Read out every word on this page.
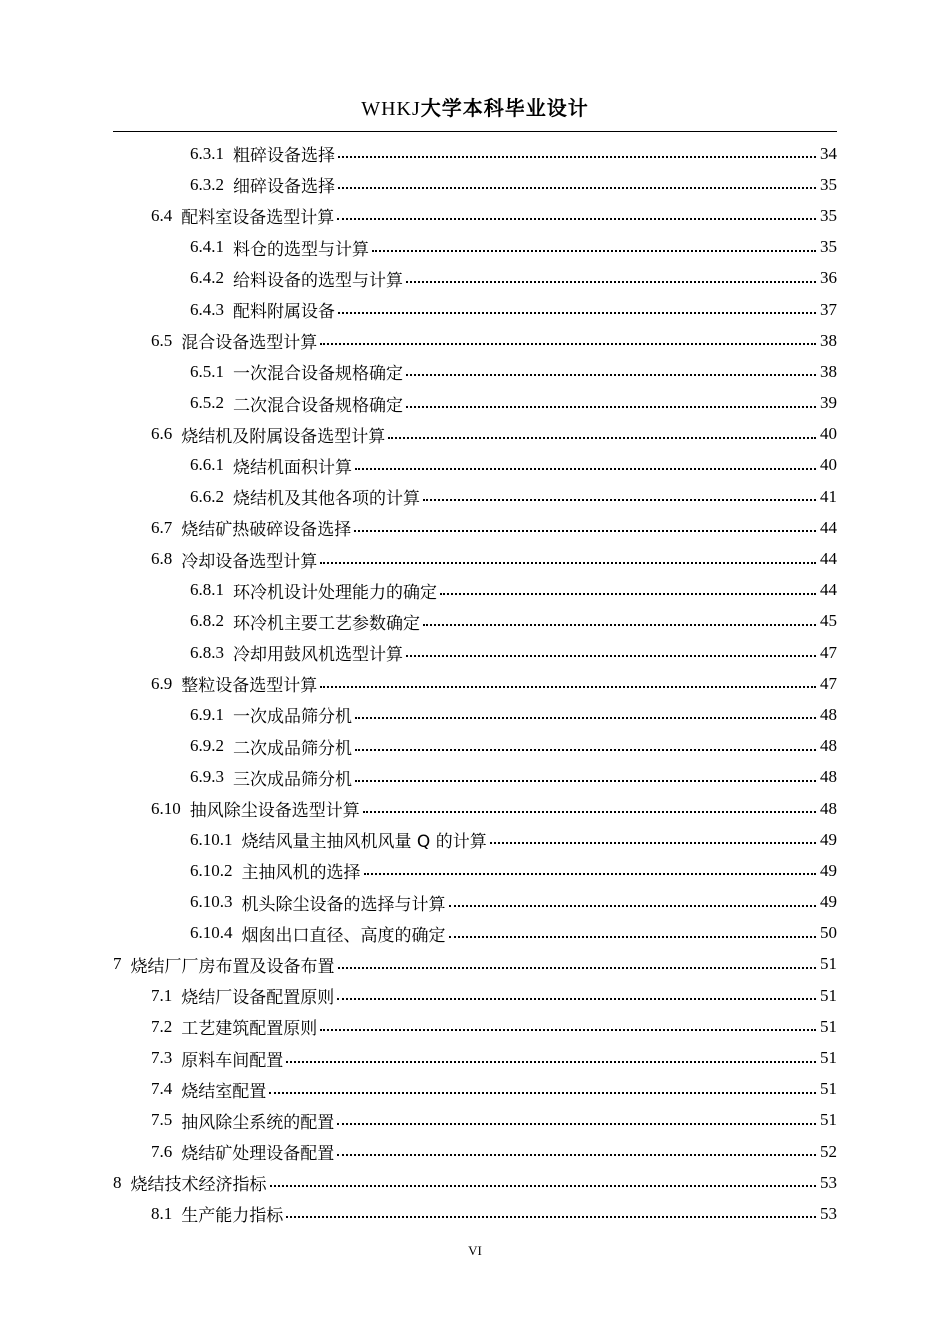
WHKJ大学本科毕业设计
6.3.1 粗碎设备选择	34
6.3.2 细碎设备选择	35
6.4 配料室设备选型计算	35
6.4.1 料仓的选型与计算	35
6.4.2 给料设备的选型与计算	36
6.4.3 配料附属设备	37
6.5 混合设备选型计算	38
6.5.1 一次混合设备规格确定	38
6.5.2 二次混合设备规格确定	39
6.6 烧结机及附属设备选型计算	40
6.6.1 烧结机面积计算	40
6.6.2 烧结机及其他各项的计算	41
6.7 烧结矿热破碎设备选择	44
6.8 冷却设备选型计算	44
6.8.1 环冷机设计处理能力的确定	44
6.8.2 环冷机主要工艺参数确定	45
6.8.3 冷却用鼓风机选型计算	47
6.9 整粒设备选型计算	47
6.9.1 一次成品筛分机	48
6.9.2 二次成品筛分机	48
6.9.3 三次成品筛分机	48
6.10 抽风除尘设备选型计算	48
6.10.1 烧结风量主抽风机风量 Q 的计算	49
6.10.2 主抽风机的选择	49
6.10.3 机头除尘设备的选择与计算	49
6.10.4 烟囱出口直径、高度的确定	50
7 烧结厂厂房布置及设备布置	51
7.1 烧结厂设备配置原则	51
7.2 工艺建筑配置原则	51
7.3 原料车间配置	51
7.4 烧结室配置	51
7.5 抽风除尘系统的配置	51
7.6 烧结矿处理设备配置	52
8 烧结技术经济指标	53
8.1 生产能力指标	53
VI
